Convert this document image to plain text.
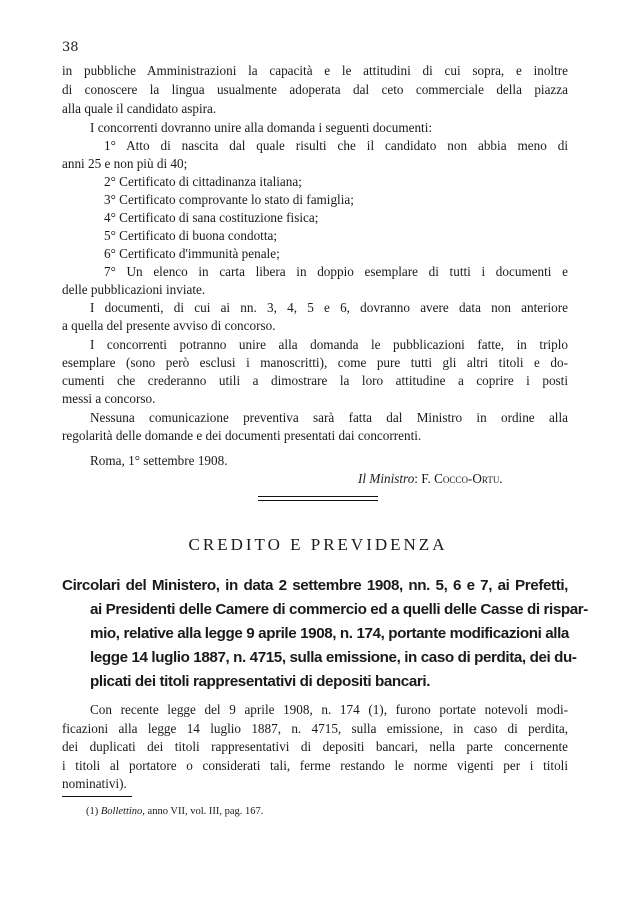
38
in pubbliche Amministrazioni la capacità e le attitudini di cui sopra, e inoltre
di conoscere la lingua usualmente adoperata dal ceto commerciale della piazza
alla quale il candidato aspira.
I concorrenti dovranno unire alla domanda i seguenti documenti:
1° Atto di nascita dal quale risulti che il candidato non abbia meno di
anni 25 e non più di 40;
2° Certificato di cittadinanza italiana;
3° Certificato comprovante lo stato di famiglia;
4° Certificato di sana costituzione fisica;
5° Certificato di buona condotta;
6° Certificato d'immunità penale;
7° Un elenco in carta libera in doppio esemplare di tutti i documenti e
delle pubblicazioni inviate.
I documenti, di cui ai nn. 3, 4, 5 e 6, dovranno avere data non anteriore
a quella del presente avviso di concorso.
I concorrenti potranno unire alla domanda le pubblicazioni fatte, in triplo
esemplare (sono però esclusi i manoscritti), come pure tutti gli altri titoli e do-
cumenti che crederanno utili a dimostrare la loro attitudine a coprire i posti
messi a concorso.
Nessuna comunicazione preventiva sarà fatta dal Ministro in ordine alla
regolarità delle domande e dei documenti presentati dai concorrenti.
Roma, 1° settembre 1908.
Il Ministro: F. Cocco-Ortu.
CREDITO E PREVIDENZA
Circolari del Ministero, in data 2 settembre 1908, nn. 5, 6 e 7, ai Prefetti,
ai Presidenti delle Camere di commercio ed a quelli delle Casse di rispar-
mio, relative alla legge 9 aprile 1908, n. 174, portante modificazioni alla
legge 14 luglio 1887, n. 4715, sulla emissione, in caso di perdita, dei du-
plicati dei titoli rappresentativi di depositi bancari.
Con recente legge del 9 aprile 1908, n. 174 (1), furono portate notevoli modi-
ficazioni alla legge 14 luglio 1887, n. 4715, sulla emissione, in caso di perdita,
dei duplicati dei titoli rappresentativi di depositi bancari, nella parte concernente
i titoli al portatore o considerati tali, ferme restando le norme vigenti per i titoli
nominativi).
(1) Bollettino, anno VII, vol. III, pag. 167.
